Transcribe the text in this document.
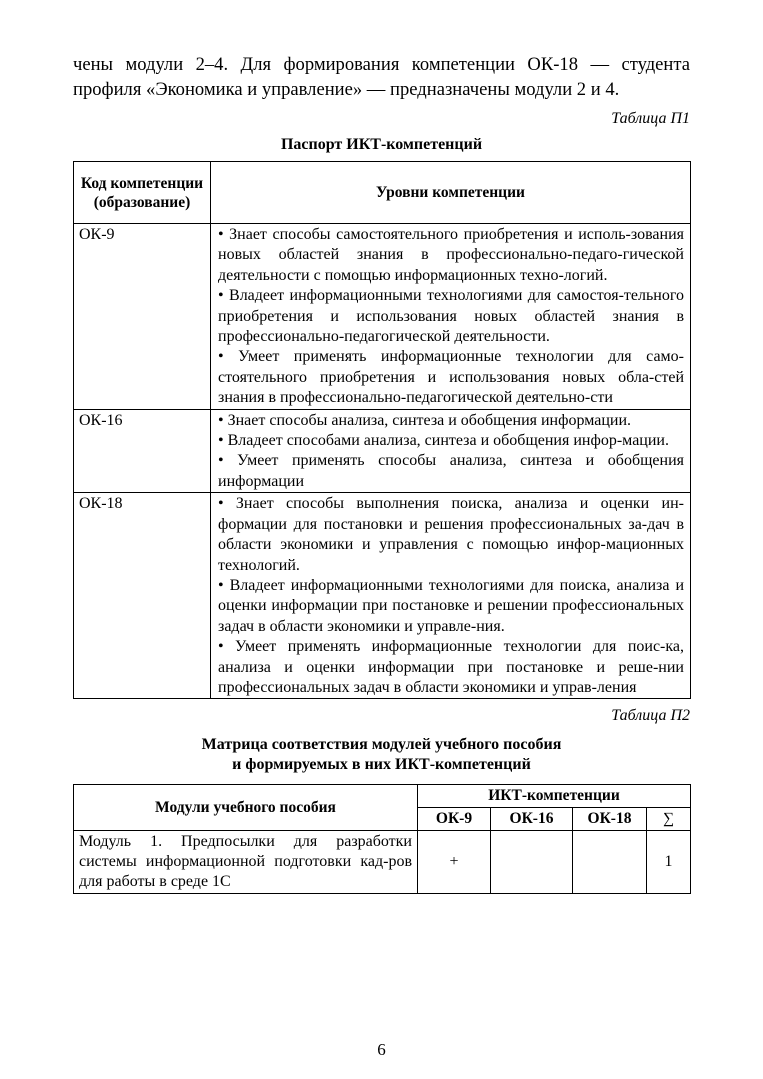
чены модули 2–4. Для формирования компетенции ОК-18 — студента
профиля «Экономика и управление» — предназначены модули 2 и 4.

Таблица П1
Паспорт ИКТ-компетенций
Код компетенции (образование)	Уровни компетенции
ОК-9	• Знает способы самостоятельного приобретения и исполь-зования новых областей знания в профессионально-педаго-гической деятельности с помощью информационных техно-логий.

• Владеет информационными технологиями для самостоя-тельного приобретения и использования новых областей знания в профессионально-педагогической деятельности.

• Умеет применять информационные технологии для само-стоятельного приобретения и использования новых обла-стей знания в профессионально-педагогической деятельно-сти

ОК-16	• Знает способы анализа, синтеза и обобщения информации.

• Владеет способами анализа, синтеза и обобщения инфор-мации.

• Умеет применять способы анализа, синтеза и обобщения информации

ОК-18	• Знает способы выполнения поиска, анализа и оценки ин-формации для постановки и решения профессиональных за-дач в области экономики и управления с помощью инфор-мационных технологий.

• Владеет информационными технологиями для поиска, анализа и оценки информации при постановке и решении профессиональных задач в области экономики и управле-ния.

• Умеет применять информационные технологии для поис-ка, анализа и оценки информации при постановке и реше-нии профессиональных задач в области экономики и управ-ления

Таблица П2
Матрица соответствия модулей учебного пособия
и формируемых в них ИКТ-компетенций
Модули учебного пособия	ИКТ-компетенции			
	ОК-9	ОК-16	ОК-18	∑
Модуль 1. Предпосылки для разработки системы информационной подготовки кад-ров для работы в среде 1С	+			1
6
